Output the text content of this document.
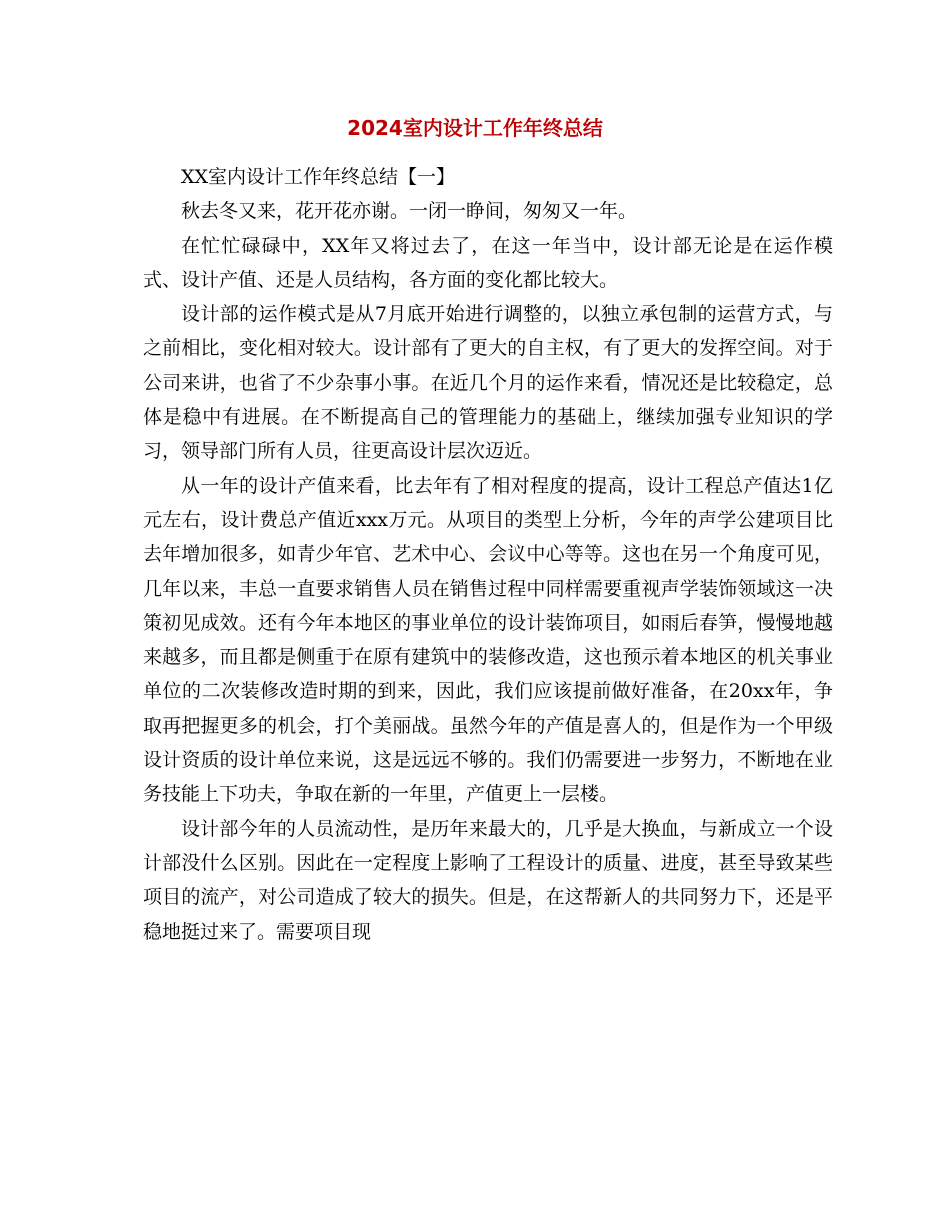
2024室内设计工作年终总结

XX室内设计工作年终总结【一】

秋去冬又来，花开花亦谢。一闭一睁间，匆匆又一年。

在忙忙碌碌中，XX年又将过去了，在这一年当中，设计部无论是在运作模式、设计产值、还是人员结构，各方面的变化都比较大。

设计部的运作模式是从7月底开始进行调整的，以独立承包制的运营方式，与之前相比，变化相对较大。设计部有了更大的自主权，有了更大的发挥空间。对于公司来讲，也省了不少杂事小事。在近几个月的运作来看，情况还是比较稳定，总体是稳中有进展。在不断提高自己的管理能力的基础上，继续加强专业知识的学习，领导部门所有人员，往更高设计层次迈近。

从一年的设计产值来看，比去年有了相对程度的提高，设计工程总产值达1亿元左右，设计费总产值近xxx万元。从项目的类型上分析，今年的声学公建项目比去年增加很多，如青少年官、艺术中心、会议中心等等。这也在另一个角度可见，几年以来，丰总一直要求销售人员在销售过程中同样需要重视声学装饰领域这一决策初见成效。还有今年本地区的事业单位的设计装饰项目，如雨后春笋，慢慢地越来越多，而且都是侧重于在原有建筑中的装修改造，这也预示着本地区的机关事业单位的二次装修改造时期的到来，因此，我们应该提前做好准备，在20xx年，争取再把握更多的机会，打个美丽战。虽然今年的产值是喜人的，但是作为一个甲级设计资质的设计单位来说，这是远远不够的。我们仍需要进一步努力，不断地在业务技能上下功夫，争取在新的一年里，产值更上一层楼。

设计部今年的人员流动性，是历年来最大的，几乎是大换血，与新成立一个设计部没什么区别。因此在一定程度上影响了工程设计的质量、进度，甚至导致某些项目的流产，对公司造成了较大的损失。但是，在这帮新人的共同努力下，还是平稳地挺过来了。需要项目现
